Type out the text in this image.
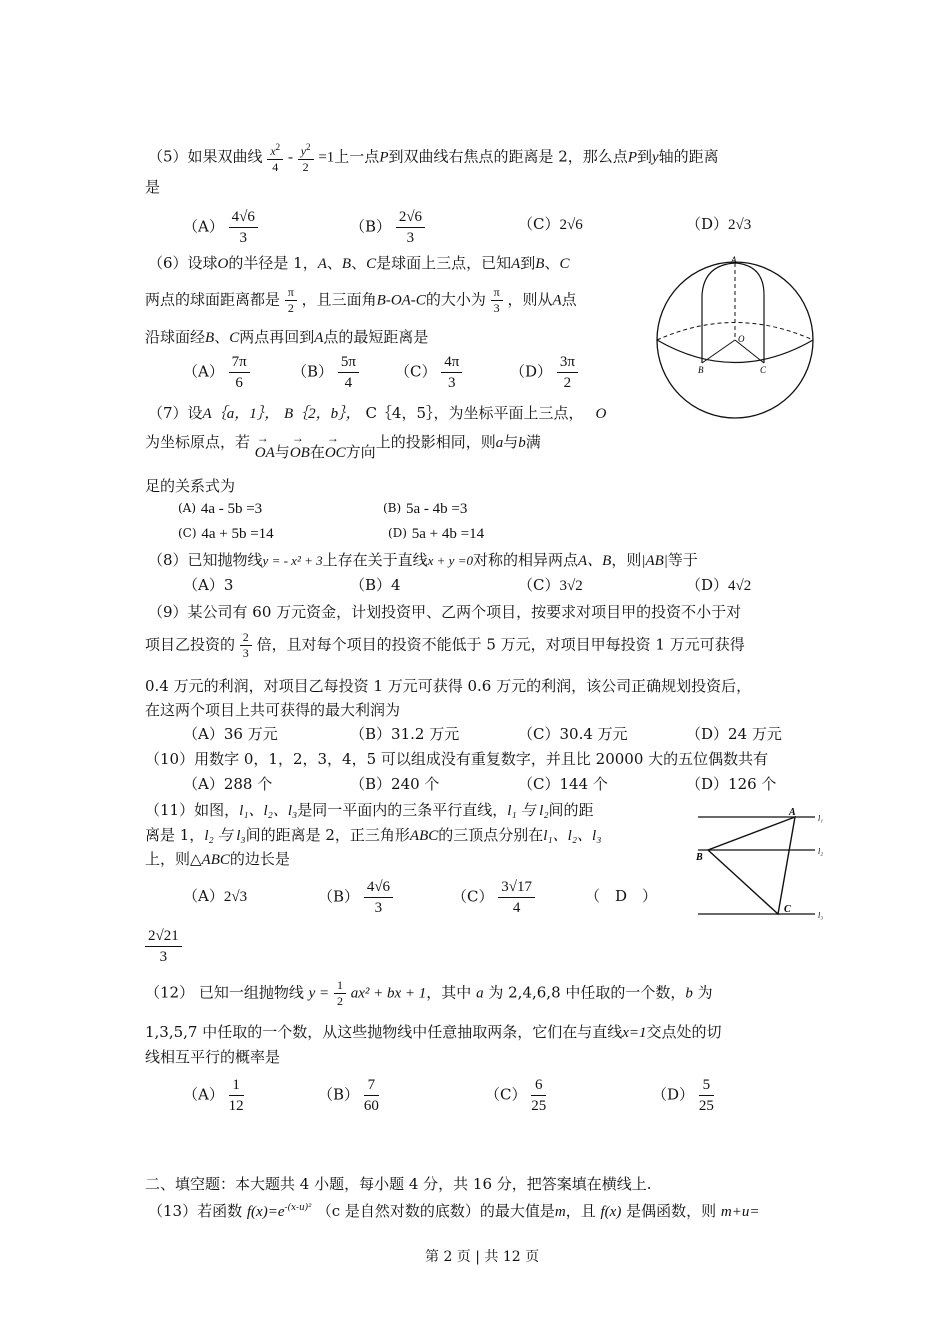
（5）如果双曲线 $\frac{x^2}{4} - \frac{y^2}{2} =1$上一点P到双曲线右焦点的距离是 2，那么点P到y轴的距离
是
$(A) \frac{4√6}{3}$	$(B) \frac{2√6}{3}$	（C）2√6	（D）2√3
（6）设球O的半径是 1，A、B、C是球面上三点，已知A到B、C
两点的球面距离都是 $\frac{\pi}{2}$ ，且三面角B-OA-C的大小为 $\frac{\pi}{3}$ ，则从A点
沿球面经B、C两点再回到A点的最短距离是
$(A) \frac{7\pi}{6}$	$(B) \frac{5\pi}{4} (C) \frac{4\pi}{3}$	$(D) \frac{3\pi}{2}$
A
O
B	C
（7）设A｛a，1｝， B｛2，b｝， C｛4，5｝，为坐标平面上三点， O
为坐标原点，若 → OA与→ OB在→ OC方向上的投影相同，则a与b满
足的关系式为
$^{(A)}$ 4a - 5b =3	$^{(B)}$ 5a - 4b =3
$^{(C)}$ 4a + 5b =14	$^{(D)}$ 5a + 4b =14
（8）已知抛物线y = - x² + 3上存在关于直线x + y =0对称的相异两点A、B，则|AB|等于
（A）3	（B）4	（C）3√2	（D）4√2
（9）某公司有 60 万元资金，计划投资甲、乙两个项目，按要求对项目甲的投资不小于对
项目乙投资的 $\frac{2}{3}$ 倍，且对每个项目的投资不能低于 5 万元，对项目甲每投资 1 万元可获得
0.4 万元的利润，对项目乙每投资 1 万元可获得 0.6 万元的利润，该公司正确规划投资后，
在这两个项目上共可获得的最大利润为
（A）36 万元	（B）31.2 万元	（C）30.4 万元	（D）24 万元
（10）用数字 0，1，2，3，4，5 可以组成没有重复数字，并且比 20000 大的五位偶数共有
（A）288 个	（B）240 个	（C）144 个	（D）126 个
（11）如图，l₁、l₂、l₃是同一平面内的三条平行直线，l₁ 与 l₂间的距
离是 1，l₂ 与 l₃间的距离是 2，正三角形ABC的三顶点分别在l₁、l₂、l₃
上，则△ABC的边长是
（A）2√3	$(B) \frac{4√6}{3}$	$(C) \frac{3√17}{4}$	（　D　）
$\frac{2√21}{3}$
A
B
C
l₁
l₂
l₃
（12） 已知一组抛物线 $y = \frac{1}{2} ax^2$ + bx + 1，其中 a 为 2,4,6,8 中任取的一个数，b 为
1,3,5,7 中任取的一个数，从这些抛物线中任意抽取两条，它们在与直线x=1交点处的切
线相互平行的概率是
$(A) \frac{1}{12}$	$(B) \frac{7}{60}$	$(C) \frac{6}{25}$	$(D) \frac{5}{25}$
二、填空题：本大题共 4 小题，每小题 4 分，共 16 分，把答案填在横线上.
（13）若函数 $f(x)=e^{-(x-u)^2}$ （c 是自然对数的底数）的最大值是m，且 f(x) 是偶函数，则 m+u=
第 2 页 | 共 12 页
